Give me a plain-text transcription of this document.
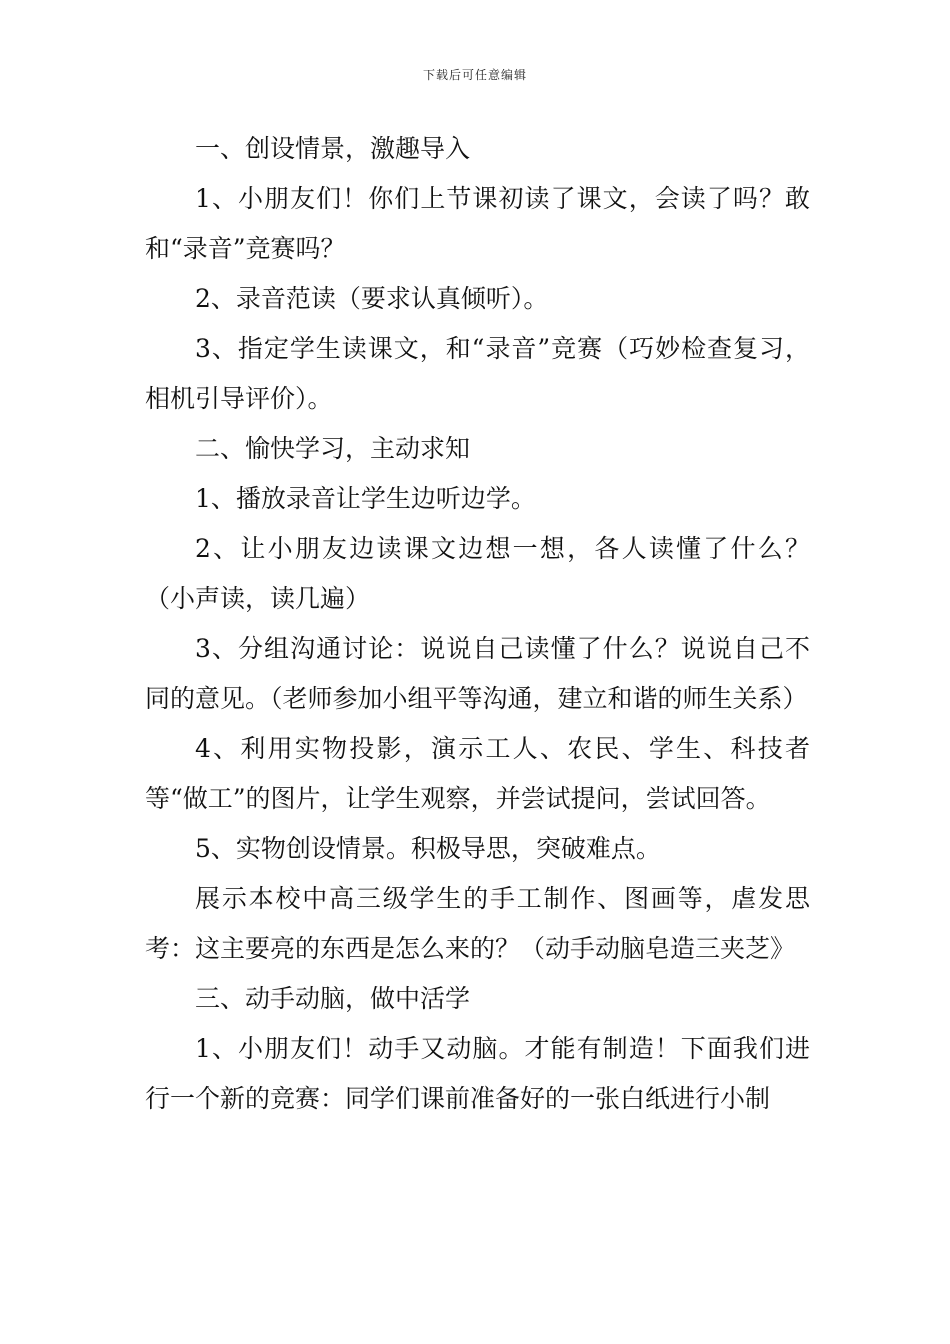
下载后可任意编辑

一、创设情景，激趣导入

1、小朋友们！你们上节课初读了课文，会读了吗？敢和“录音”竞赛吗？

2、录音范读（要求认真倾听）。

3、指定学生读课文，和“录音”竞赛（巧妙检查复习，相机引导评价）。

二、愉快学习，主动求知

1、播放录音让学生边听边学。

2、让小朋友边读课文边想一想，各人读懂了什么？（小声读，读几遍）

3、分组沟通讨论：说说自己读懂了什么？说说自己不同的意见。（老师参加小组平等沟通，建立和谐的师生关系）

4、利用实物投影，演示工人、农民、学生、科技者等“做工”的图片，让学生观察，并尝试提问，尝试回答。

5、实物创设情景。积极导思，突破难点。

展示本校中高三级学生的手工制作、图画等，虐发思考：这主要亮的东西是怎么来的？（动手动脑皂造三夹芝》

三、动手动脑，做中活学

1、小朋友们！动手又动脑。才能有制造！下面我们进行一个新的竞赛：同学们课前准备好的一张白纸进行小制
